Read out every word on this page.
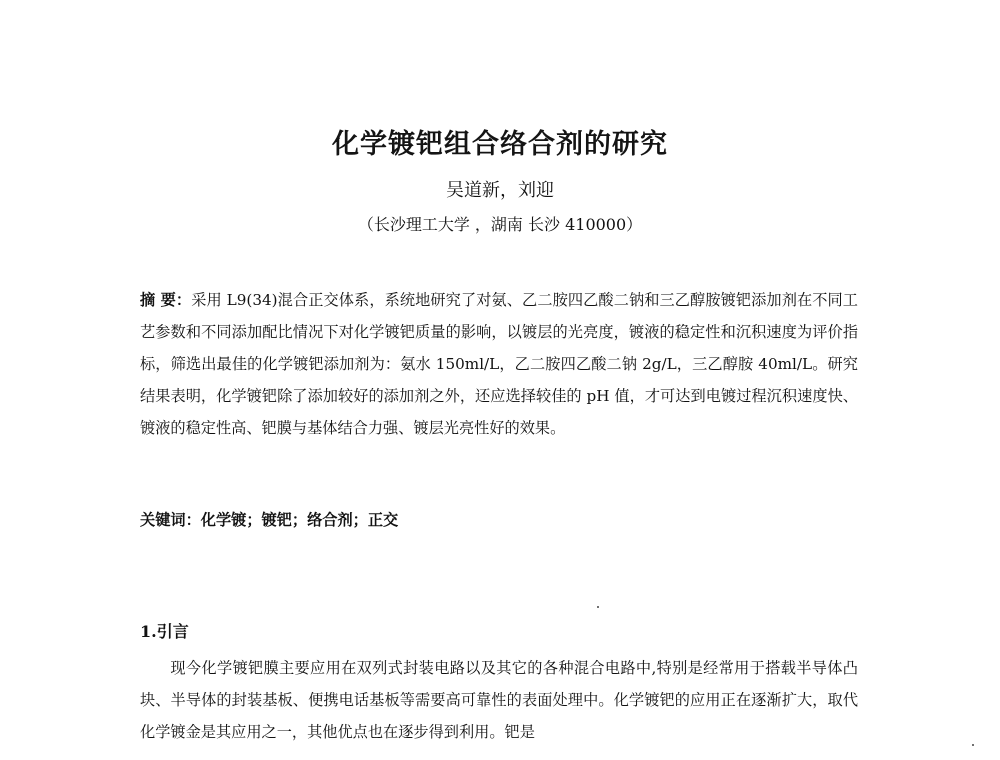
化学镀钯组合络合剂的研究
吴道新，刘迎
（长沙理工大学 ，湖南 长沙 410000）
摘 要：采用 L9(34)混合正交体系，系统地研究了对氨、乙二胺四乙酸二钠和三乙醇胺镀钯添加剂在不同工艺参数和不同添加配比情况下对化学镀钯质量的影响，以镀层的光亮度，镀液的稳定性和沉积速度为评价指标，筛选出最佳的化学镀钯添加剂为：氨水 150ml/L，乙二胺四乙酸二钠 2g/L，三乙醇胺 40ml/L。研究结果表明，化学镀钯除了添加较好的添加剂之外，还应选择较佳的 pH 值，才可达到电镀过程沉积速度快、镀液的稳定性高、钯膜与基体结合力强、镀层光亮性好的效果。
关键词：化学镀；镀钯；络合剂；正交
1.引言
现今化学镀钯膜主要应用在双列式封装电路以及其它的各种混合电路中,特别是经常用于搭载半导体凸块、半导体的封装基板、便携电话基板等需要高可靠性的表面处理中。化学镀钯的应用正在逐渐扩大，取代化学镀金是其应用之一，其他优点也在逐步得到利用。钯是
